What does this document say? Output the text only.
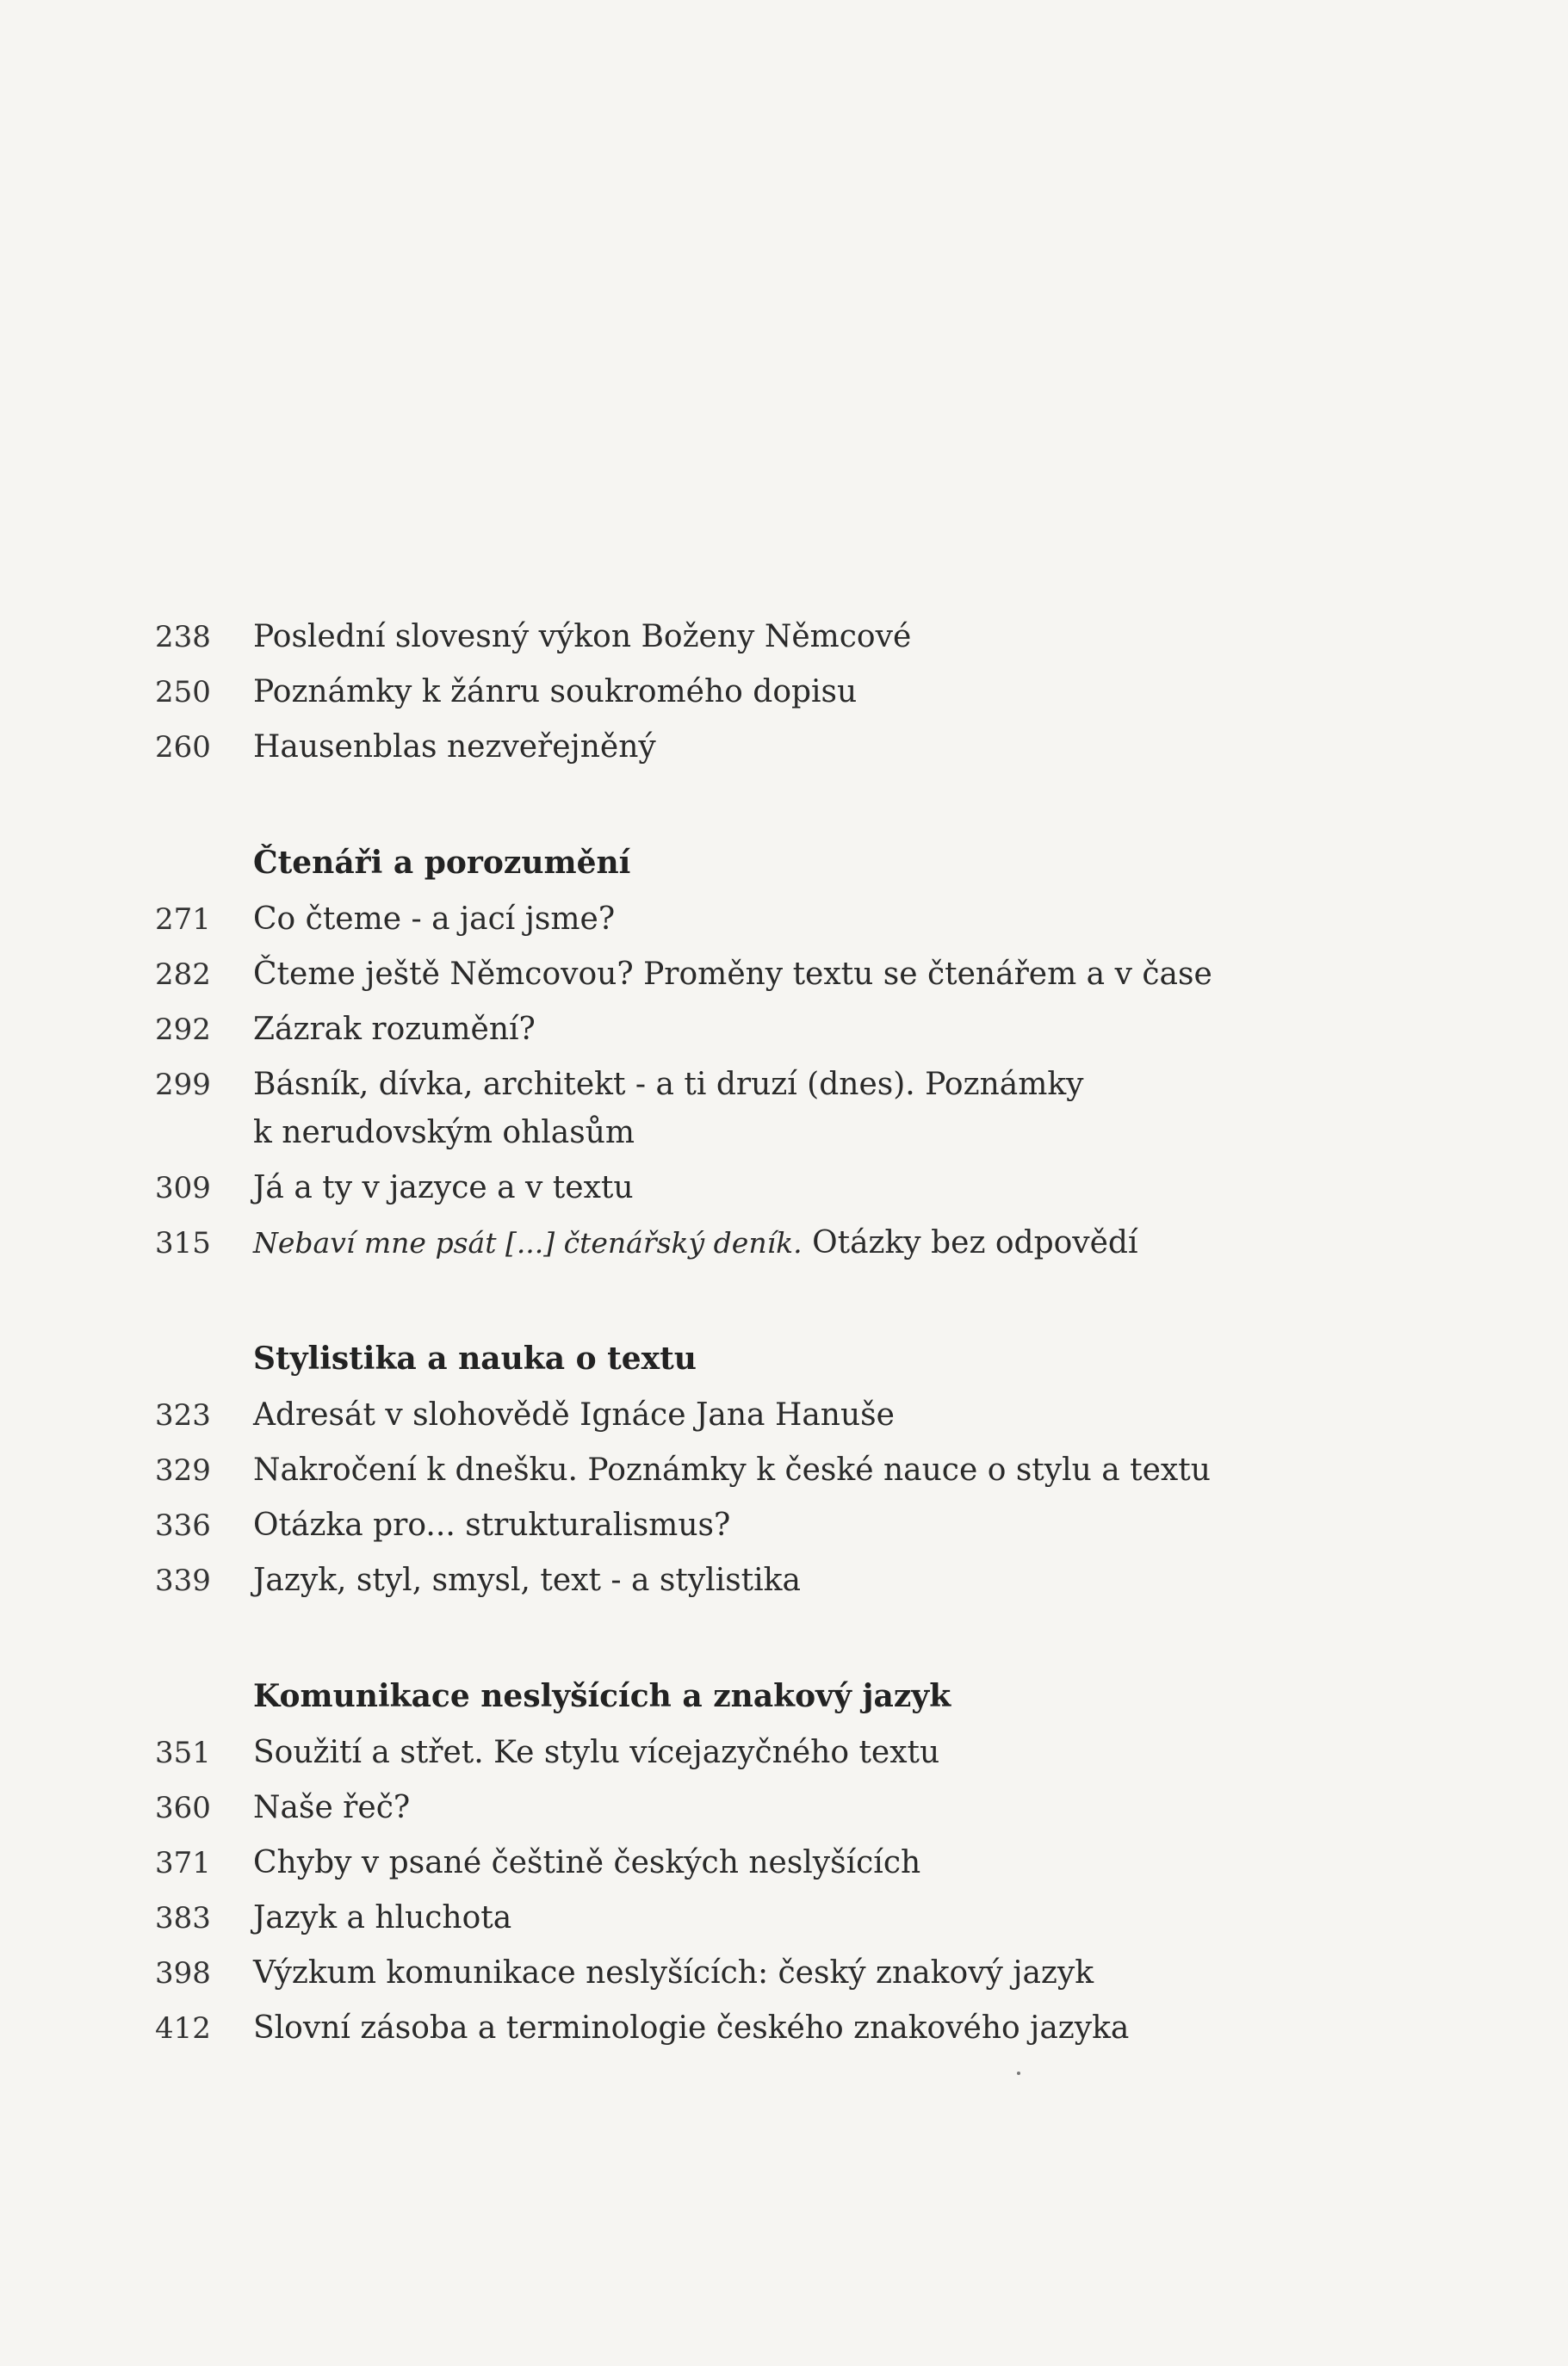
238	Poslední slovesný výkon Boženy Němcové
250	Poznámky k žánru soukromého dopisu
260	Hausenblas nezveřejněný
Čtenáři a porozumění
271	Co čteme - a jací jsme?
282	Čteme ještě Němcovou? Proměny textu se čtenářem a v čase
292	Zázrak rozumění?
299	Básník, dívka, architekt - a ti druzí (dnes). Poznámky
k nerudovským ohlasům
309	Já a ty v jazyce a v textu
315	Nebaví mne psát [...] čtenářský deník. Otázky bez odpovědí
Stylistika a nauka o textu
323	Adresát v slohovědě Ignáce Jana Hanuše
329	Nakročení k dnešku. Poznámky k české nauce o stylu a textu
336	Otázka pro... strukturalismus?
339	Jazyk, styl, smysl, text - a stylistika
Komunikace neslyšících a znakový jazyk
351	Soužití a střet. Ke stylu vícejazyčného textu
360	Naše řeč?
371	Chyby v psané češtině českých neslyšících
383	Jazyk a hluchota
398	Výzkum komunikace neslyšících: český znakový jazyk
412	Slovní zásoba a terminologie českého znakového jazyka
